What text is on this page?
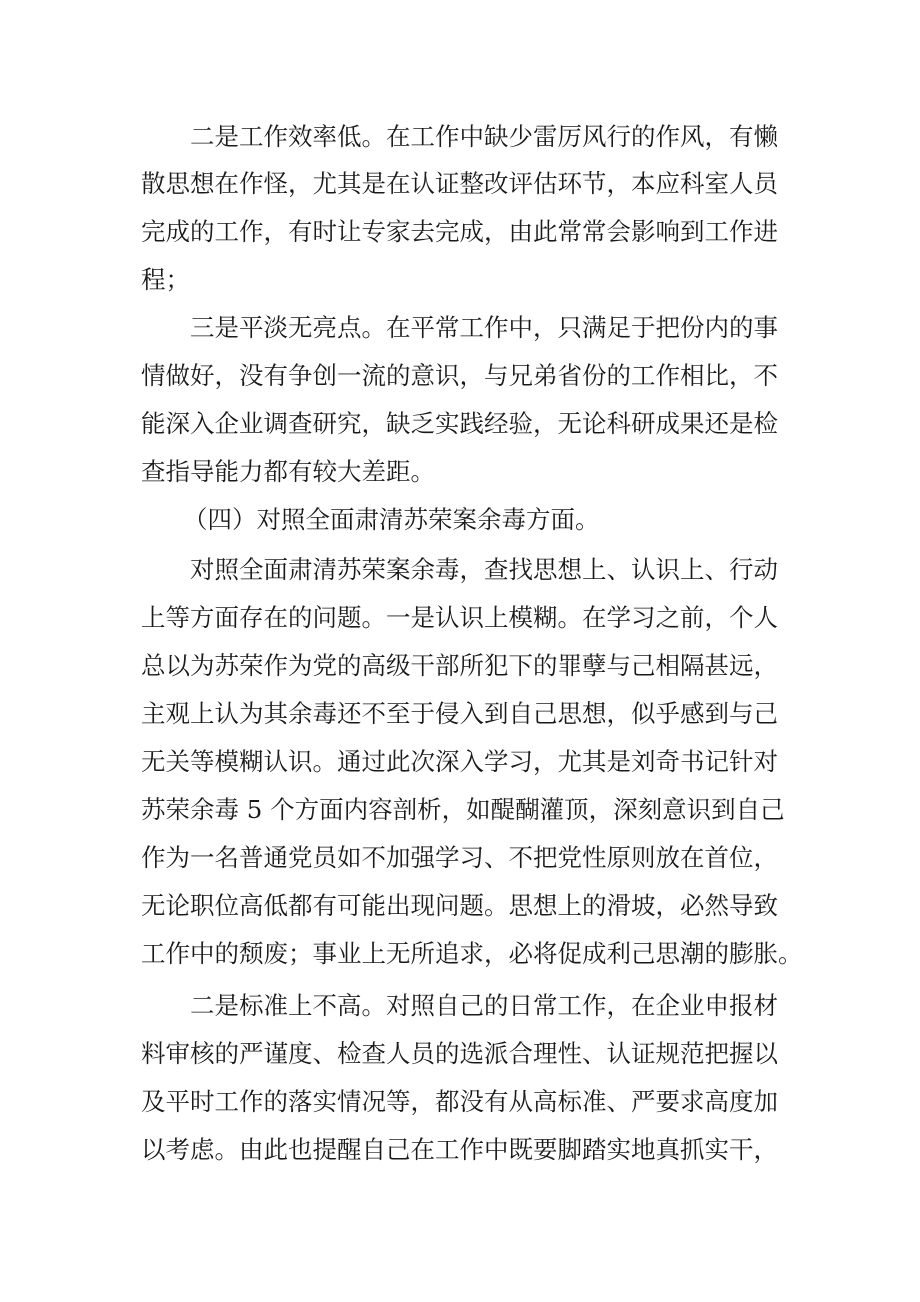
二是工作效率低。在工作中缺少雷厉风行的作风，有懒

散思想在作怪，尤其是在认证整改评估环节，本应科室人员

完成的工作，有时让专家去完成，由此常常会影响到工作进

程；

三是平淡无亮点。在平常工作中，只满足于把份内的事

情做好，没有争创一流的意识，与兄弟省份的工作相比，不

能深入企业调查研究，缺乏实践经验，无论科研成果还是检

查指导能力都有较大差距。

（四）对照全面肃清苏荣案余毒方面。

对照全面肃清苏荣案余毒，查找思想上、认识上、行动

上等方面存在的问题。一是认识上模糊。在学习之前，个人

总以为苏荣作为党的高级干部所犯下的罪孽与己相隔甚远，

主观上认为其余毒还不至于侵入到自己思想，似乎感到与己

无关等模糊认识。通过此次深入学习，尤其是刘奇书记针对

苏荣余毒 5 个方面内容剖析，如醍醐灌顶，深刻意识到自己

作为一名普通党员如不加强学习、不把党性原则放在首位，

无论职位高低都有可能出现问题。思想上的滑坡，必然导致

工作中的颓废；事业上无所追求，必将促成利己思潮的膨胀。

二是标准上不高。对照自己的日常工作，在企业申报材

料审核的严谨度、检查人员的选派合理性、认证规范把握以

及平时工作的落实情况等，都没有从高标准、严要求高度加

以考虑。由此也提醒自己在工作中既要脚踏实地真抓实干，
